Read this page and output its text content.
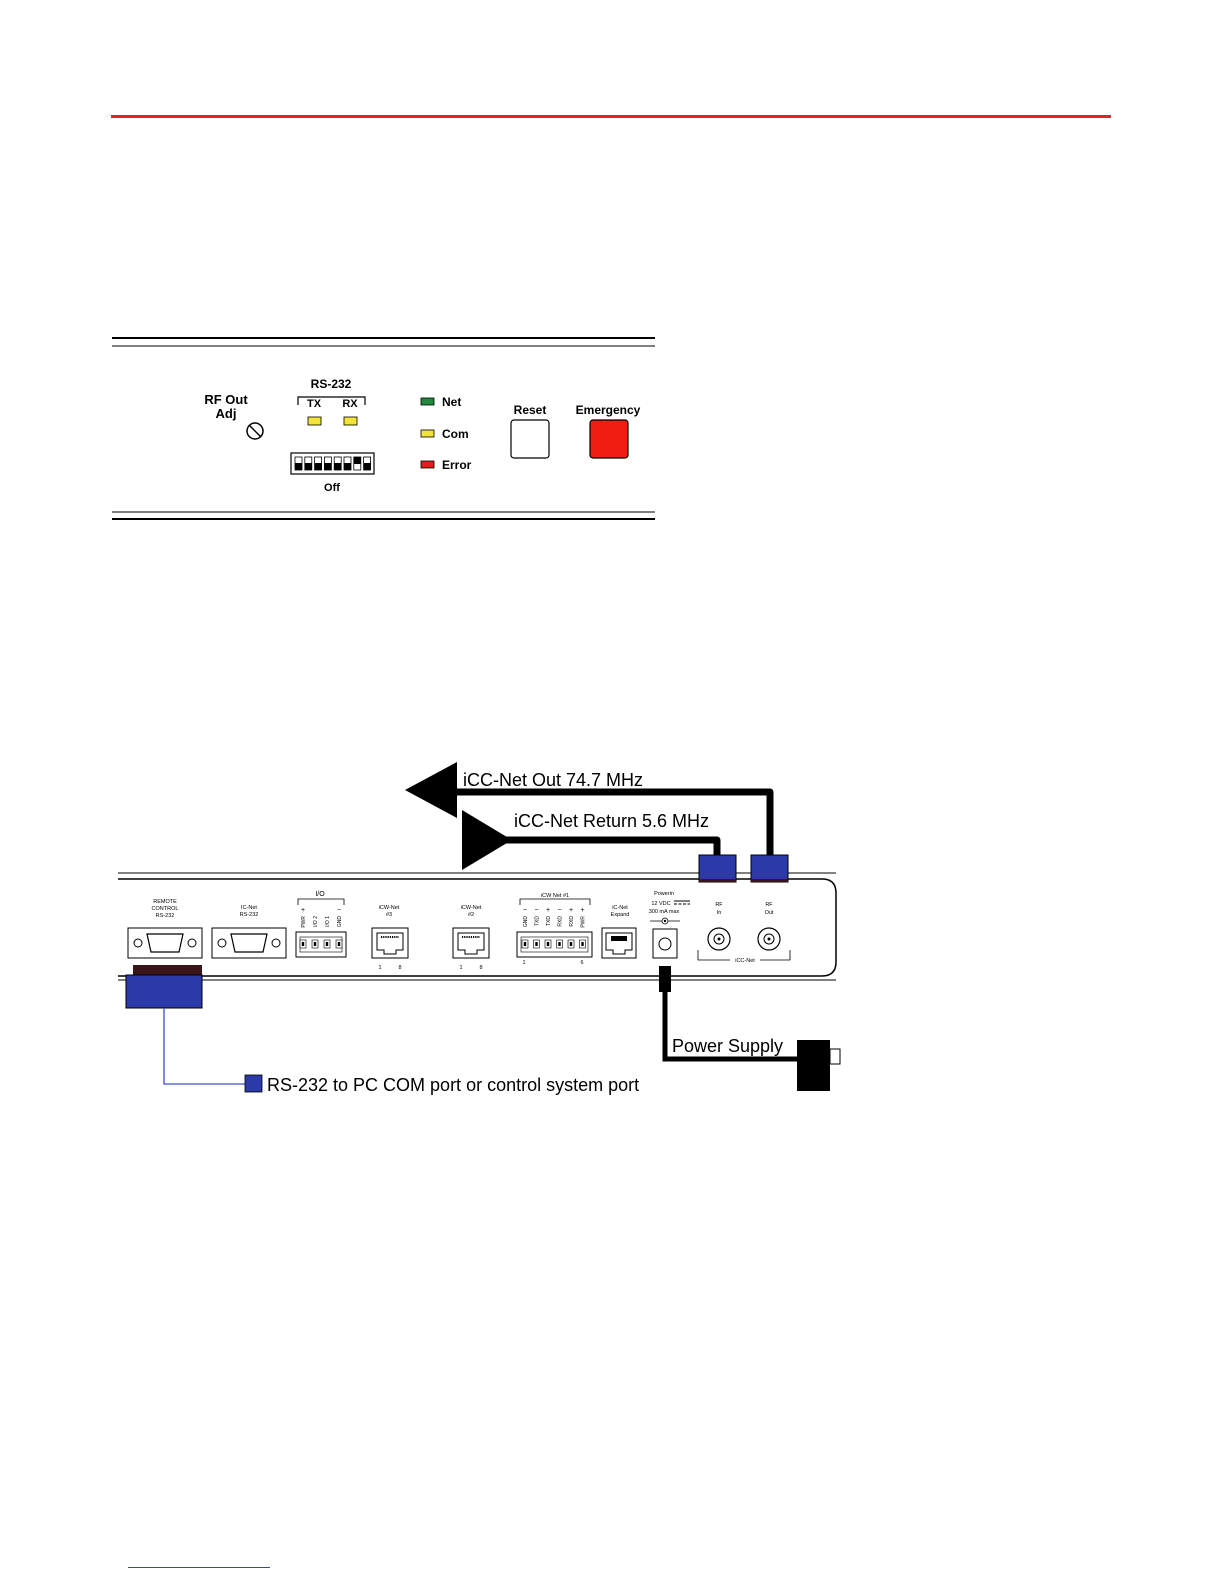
RF Out
Adj
RS-232
TX RX
Off
Net
Com
Error
Reset Emergency
REMOTE
CONTROL
RS-232
IC-Net
RS-232
I/O
+
PWR I/O 2 I/O 1
−
GND
iCW-Net
#3
1	8
iCW-Net
#2
1	8
iCW Net #1
−
GND
−
TXD
+
TXD
−
RXD
+
RXD
+
PWR
1	6
iC-Net
Expand
Powerin
12 VDC
300 mA max
RF
In
RF
Out
iCC-Net
iCC-Net Out 74.7 MHz
iCC-Net Return 5.6 MHz
Power Supply
RS-232 to PC COM port or control system port
